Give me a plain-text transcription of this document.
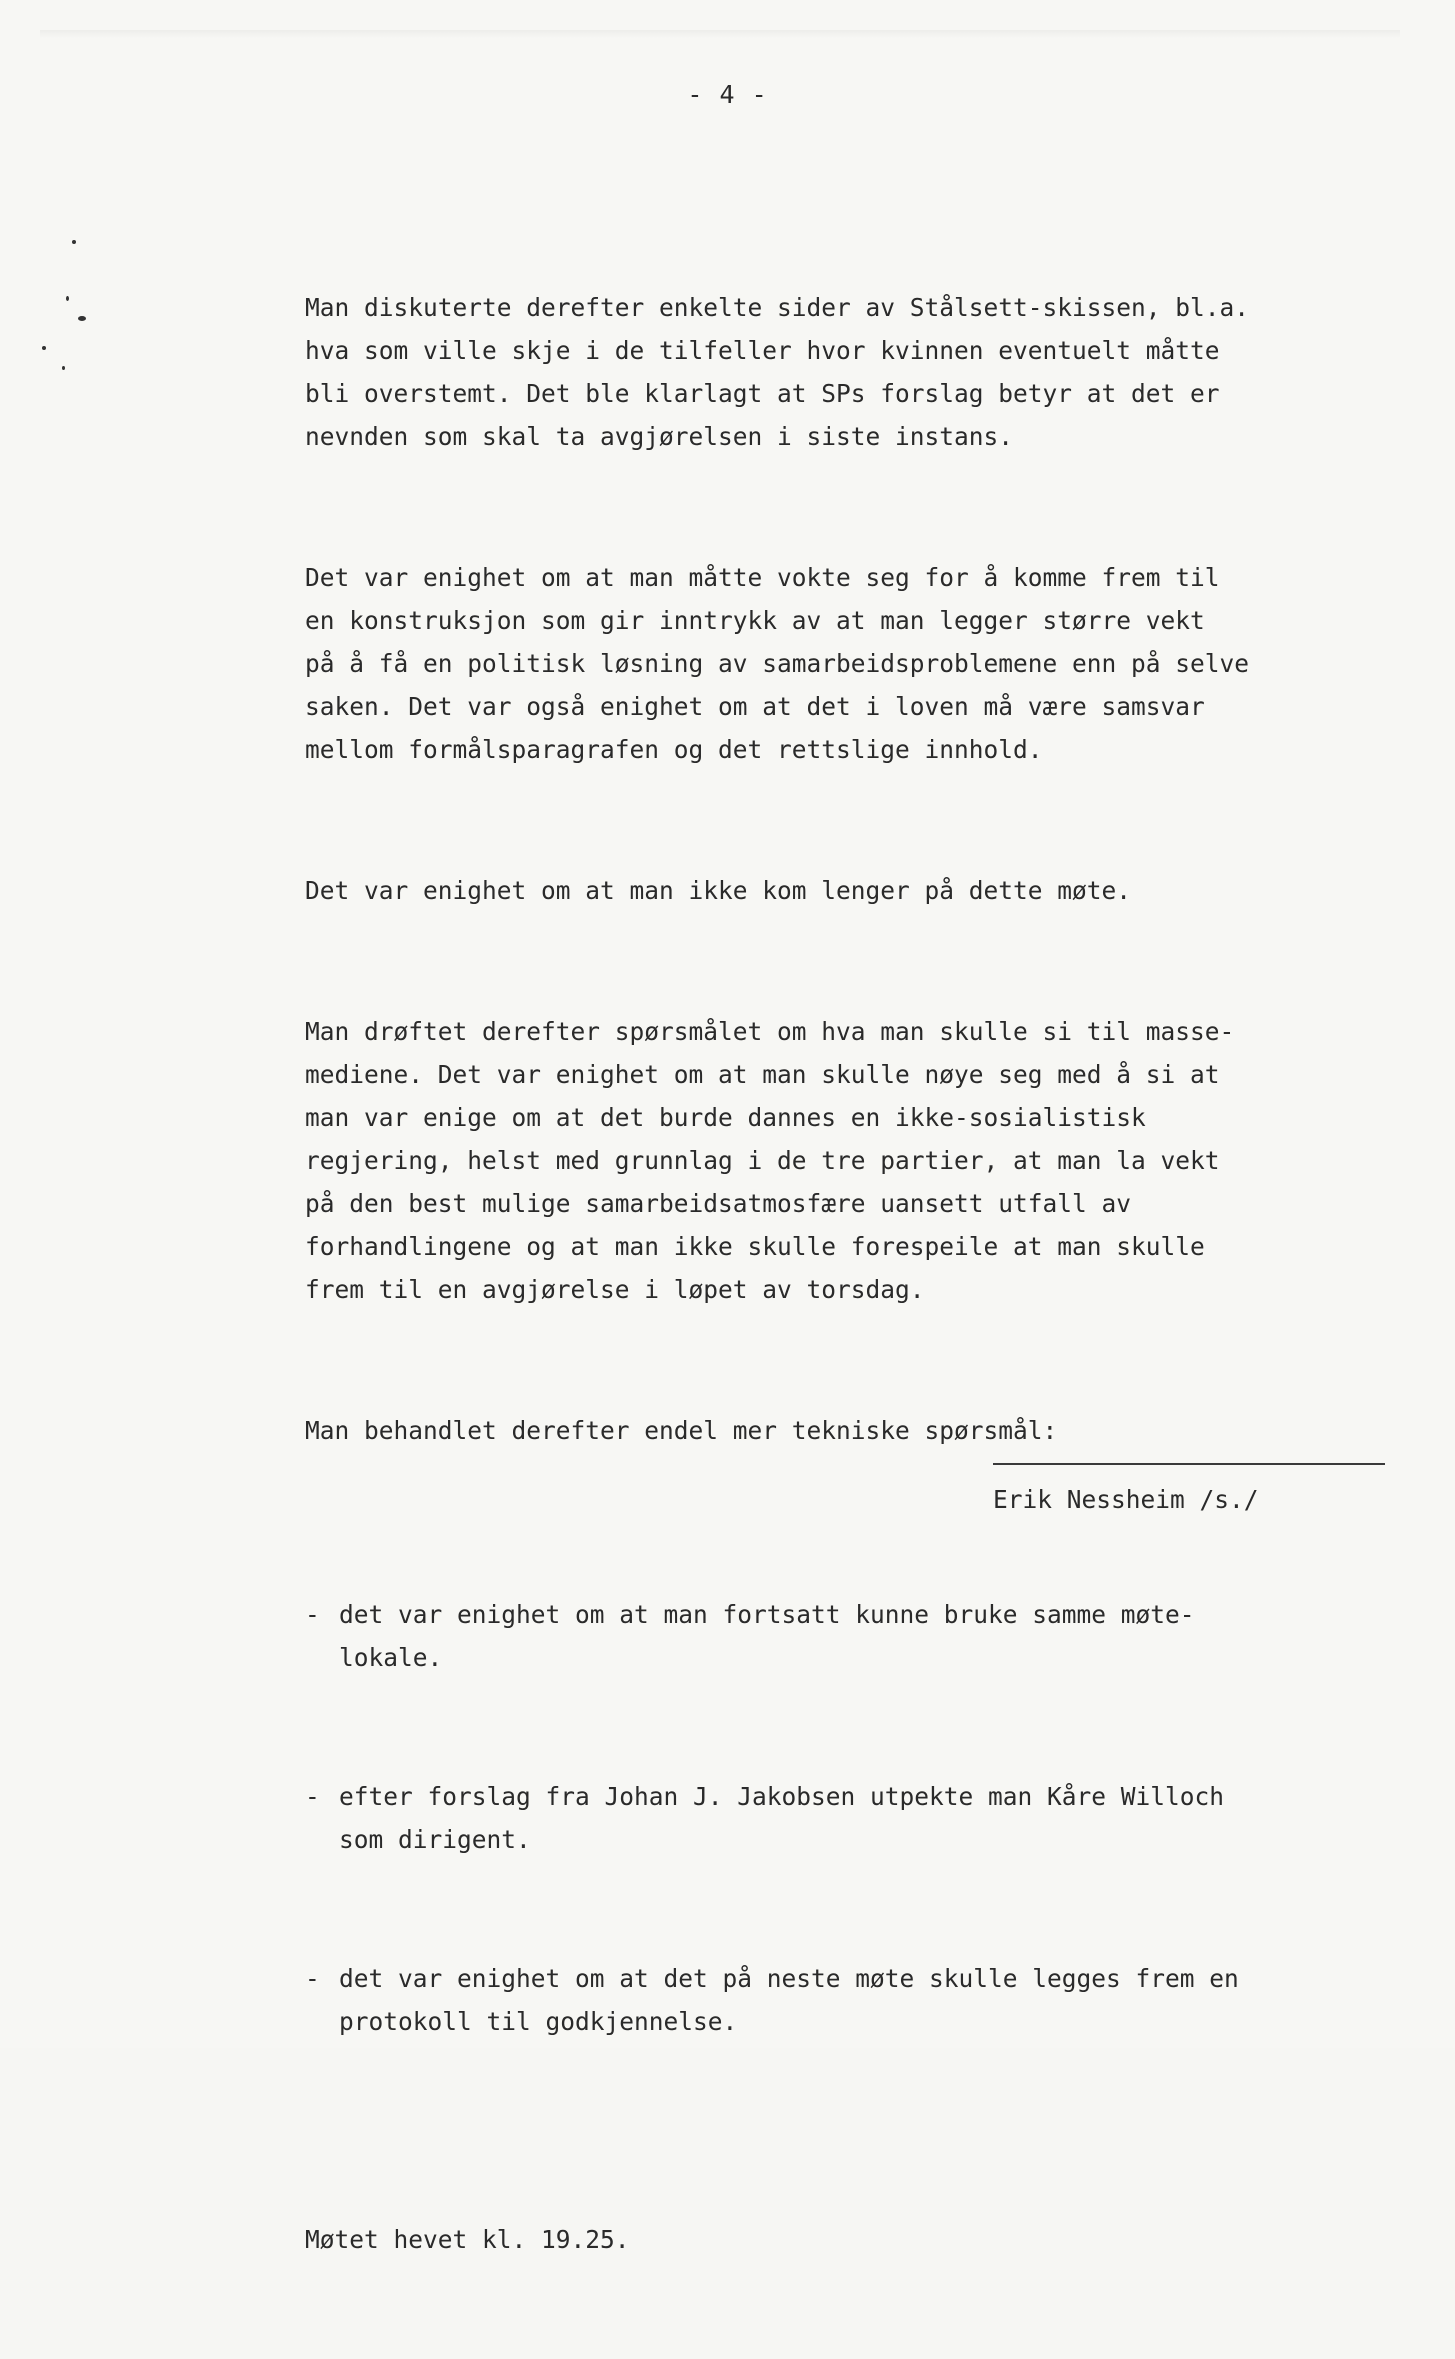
- 4 -

Man diskuterte derefter enkelte sider av Stålsett-skissen, bl.a.
hva som ville skje i de tilfeller hvor kvinnen eventuelt måtte
bli overstemt. Det ble klarlagt at SPs forslag betyr at det er
nevnden som skal ta avgjørelsen i siste instans.

Det var enighet om at man måtte vokte seg for å komme frem til
en konstruksjon som gir inntrykk av at man legger større vekt
på å få en politisk løsning av samarbeidsproblemene enn på selve
saken. Det var også enighet om at det i loven må være samsvar
mellom formålsparagrafen og det rettslige innhold.

Det var enighet om at man ikke kom lenger på dette møte.

Man drøftet derefter spørsmålet om hva man skulle si til masse-
mediene. Det var enighet om at man skulle nøye seg med å si at
man var enige om at det burde dannes en ikke-sosialistisk
regjering, helst med grunnlag i de tre partier, at man la vekt
på den best mulige samarbeidsatmosfære uansett utfall av
forhandlingene og at man ikke skulle forespeile at man skulle
frem til en avgjørelse i løpet av torsdag.

Man behandlet derefter endel mer tekniske spørsmål:

- det var enighet om at man fortsatt kunne bruke samme møte-
lokale.

- efter forslag fra Johan J. Jakobsen utpekte man Kåre Willoch
som dirigent.

- det var enighet om at det på neste møte skulle legges frem en
protokoll til godkjennelse.

Møtet hevet kl. 19.25.

Erik Nessheim /s./
